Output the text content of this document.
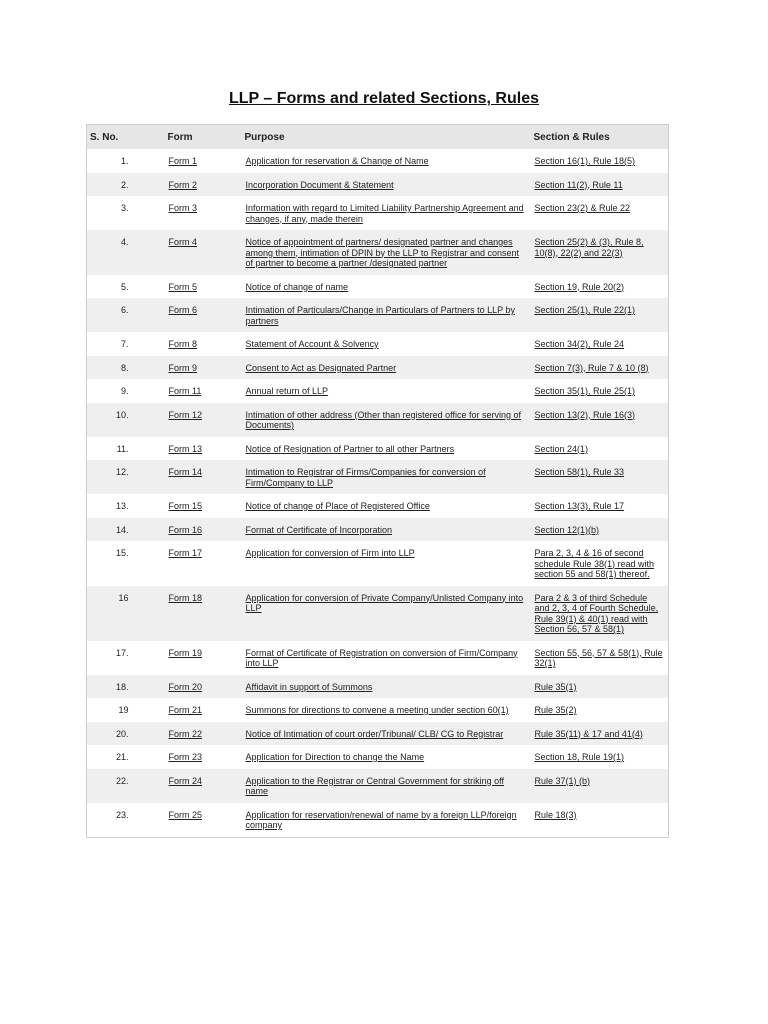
LLP – Forms and related Sections, Rules
S. No.	Form	Purpose	Section & Rules
1.	Form 1	Application for reservation & Change of Name	Section 16(1), Rule 18(5)
2.	Form 2	Incorporation Document & Statement	Section 11(2), Rule 11
3.	Form 3	Information with regard to Limited Liability Partnership Agreement and changes, if any, made therein	Section 23(2) & Rule 22
4.	Form 4	Notice of appointment of partners/ designated partner and changes among them, intimation of DPIN by the LLP to Registrar and consent of partner to become a partner /designated partner	Section 25(2) & (3), Rule 8, 10(8), 22(2) and 22(3)
5.	Form 5	Notice of change of name	Section 19, Rule 20(2)
6.	Form 6	Intimation of Particulars/Change in Particulars of Partners to LLP by partners	Section 25(1), Rule 22(1)
7.	Form 8	Statement of Account & Solvency	Section 34(2), Rule 24
8.	Form 9	Consent to Act as Designated Partner	Section 7(3), Rule 7 & 10 (8)
9.	Form 11	Annual return of LLP	Section 35(1), Rule 25(1)
10.	Form 12	Intimation of other address (Other than registered office for serving of Documents)	Section 13(2), Rule 16(3)
11.	Form 13	Notice of Resignation of Partner to all other Partners	Section 24(1)
12.	Form 14	Intimation to Registrar of Firms/Companies for conversion of Firm/Company to LLP	Section 58(1), Rule 33
13.	Form 15	Notice of change of Place of Registered Office	Section 13(3), Rule 17
14.	Form 16	Format of Certificate of Incorporation	Section 12(1)(b)
15.	Form 17	Application for conversion of Firm into LLP	Para 2, 3, 4 & 16 of second schedule Rule 38(1) read with section 55 and 58(1) thereof.
16	Form 18	Application for conversion of Private Company/Unlisted Company into LLP	Para 2 & 3 of third Schedule and 2, 3, 4 of Fourth Schedule, Rule 39(1) & 40(1) read with Section 56, 57 & 58(1)
17.	Form 19	Format of Certificate of Registration on conversion of Firm/Company into LLP	Section 55, 56, 57 & 58(1), Rule 32(1)
18.	Form 20	Affidavit in support of Summons	Rule 35(1)
19	Form 21	Summons for directions to convene a meeting under section 60(1)	Rule 35(2)
20.	Form 22	Notice of Intimation of court order/Tribunal/ CLB/ CG to Registrar	Rule 35(11) & 17 and 41(4)
21.	Form 23	Application for Direction to change the Name	Section 18, Rule 19(1)
22.	Form 24	Application to the Registrar or Central Government for striking off name	Rule 37(1) (b)
23.	Form 25	Application for reservation/renewal of name by a foreign LLP/foreign company	Rule 18(3)
